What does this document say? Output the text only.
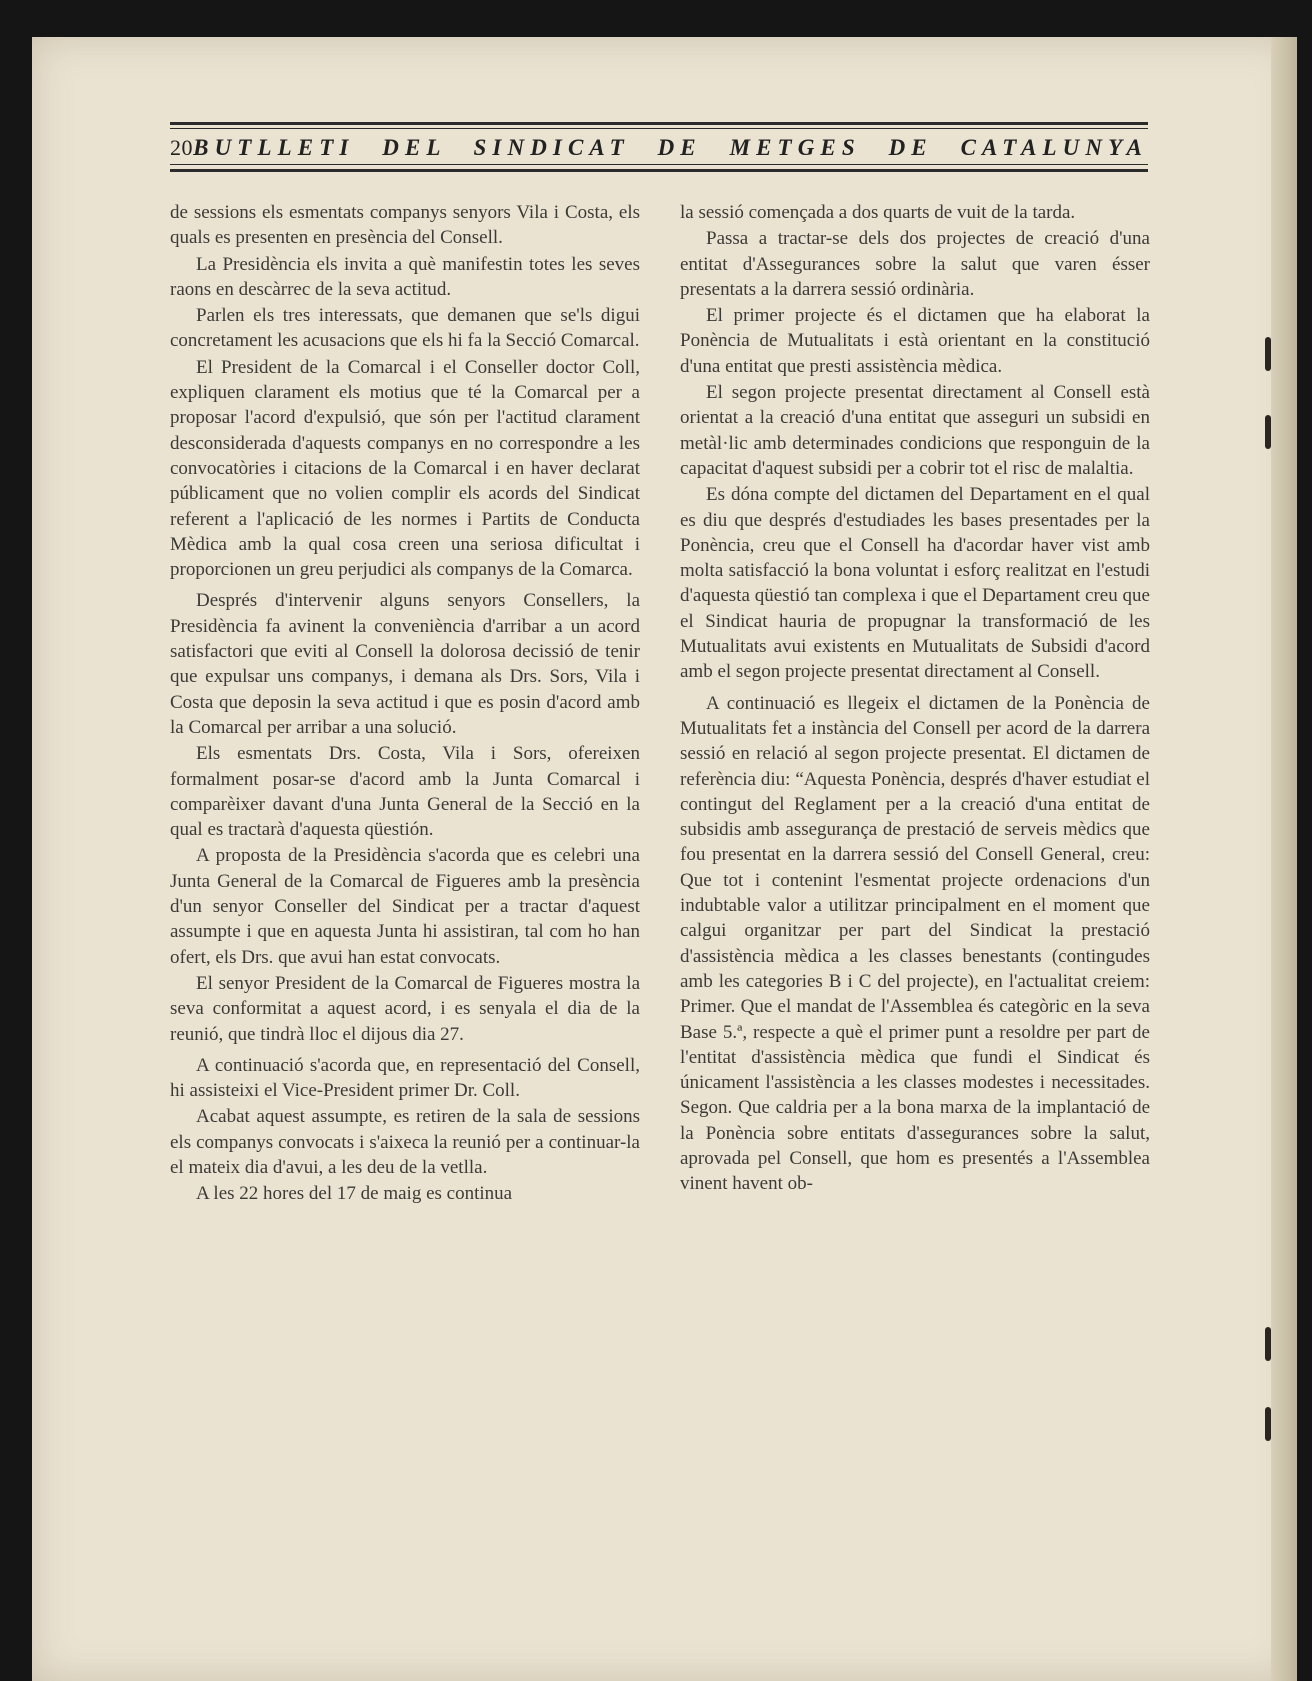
20 BUTLLETI DEL SINDICAT DE METGES DE CATALUNYA

de sessions els esmentats companys senyors Vila i Costa, els quals es presenten en presència del Consell.

La Presidència els invita a què manifestin totes les seves raons en descàrrec de la seva actitud.

Parlen els tres interessats, que demanen que se'ls digui concretament les acusacions que els hi fa la Secció Comarcal.

El President de la Comarcal i el Conseller doctor Coll, expliquen clarament els motius que té la Comarcal per a proposar l'acord d'expulsió, que són per l'actitud clarament desconsiderada d'aquests companys en no correspondre a les convocatòries i citacions de la Comarcal i en haver declarat públicament que no volien complir els acords del Sindicat referent a l'aplicació de les normes i Partits de Conducta Mèdica amb la qual cosa creen una seriosa dificultat i proporcionen un greu perjudici als companys de la Comarca.

Després d'intervenir alguns senyors Consellers, la Presidència fa avinent la conveniència d'arribar a un acord satisfactori que eviti al Consell la dolorosa decissió de tenir que expulsar uns companys, i demana als Drs. Sors, Vila i Costa que deposin la seva actitud i que es posin d'acord amb la Comarcal per arribar a una solució.

Els esmentats Drs. Costa, Vila i Sors, ofereixen formalment posar-se d'acord amb la Junta Comarcal i comparèixer davant d'una Junta General de la Secció en la qual es tractarà d'aquesta qüestión.

A proposta de la Presidència s'acorda que es celebri una Junta General de la Comarcal de Figueres amb la presència d'un senyor Conseller del Sindicat per a tractar d'aquest assumpte i que en aquesta Junta hi assistiran, tal com ho han ofert, els Drs. que avui han estat convocats.

El senyor President de la Comarcal de Figueres mostra la seva conformitat a aquest acord, i es senyala el dia de la reunió, que tindrà lloc el dijous dia 27.

A continuació s'acorda que, en representació del Consell, hi assisteixi el Vice-President primer Dr. Coll.

Acabat aquest assumpte, es retiren de la sala de sessions els companys convocats i s'aixeca la reunió per a continuar-la el mateix dia d'avui, a les deu de la vetlla.

A les 22 hores del 17 de maig es continua

la sessió començada a dos quarts de vuit de la tarda.

Passa a tractar-se dels dos projectes de creació d'una entitat d'Assegurances sobre la salut que varen ésser presentats a la darrera sessió ordinària.

El primer projecte és el dictamen que ha elaborat la Ponència de Mutualitats i està orientant en la constitució d'una entitat que presti assistència mèdica.

El segon projecte presentat directament al Consell està orientat a la creació d'una entitat que asseguri un subsidi en metàl·lic amb determinades condicions que responguin de la capacitat d'aquest subsidi per a cobrir tot el risc de malaltia.

Es dóna compte del dictamen del Departament en el qual es diu que després d'estudiades les bases presentades per la Ponència, creu que el Consell ha d'acordar haver vist amb molta satisfacció la bona voluntat i esforç realitzat en l'estudi d'aquesta qüestió tan complexa i que el Departament creu que el Sindicat hauria de propugnar la transformació de les Mutualitats avui existents en Mutualitats de Subsidi d'acord amb el segon projecte presentat directament al Consell.

A continuació es llegeix el dictamen de la Ponència de Mutualitats fet a instància del Consell per acord de la darrera sessió en relació al segon projecte presentat. El dictamen de referència diu: “Aquesta Ponència, després d'haver estudiat el contingut del Reglament per a la creació d'una entitat de subsidis amb assegurança de prestació de serveis mèdics que fou presentat en la darrera sessió del Consell General, creu: Que tot i contenint l'esmentat projecte ordenacions d'un indubtable valor a utilitzar principalment en el moment que calgui organitzar per part del Sindicat la prestació d'assistència mèdica a les classes benestants (contingudes amb les categories B i C del projecte), en l'actualitat creiem: Primer. Que el mandat de l'Assemblea és categòric en la seva Base 5.ª, respecte a què el primer punt a resoldre per part de l'entitat d'assistència mèdica que fundi el Sindicat és únicament l'assistència a les classes modestes i necessitades. Segon. Que caldria per a la bona marxa de la implantació de la Ponència sobre entitats d'assegurances sobre la salut, aprovada pel Consell, que hom es presentés a l'Assemblea vinent havent ob-
